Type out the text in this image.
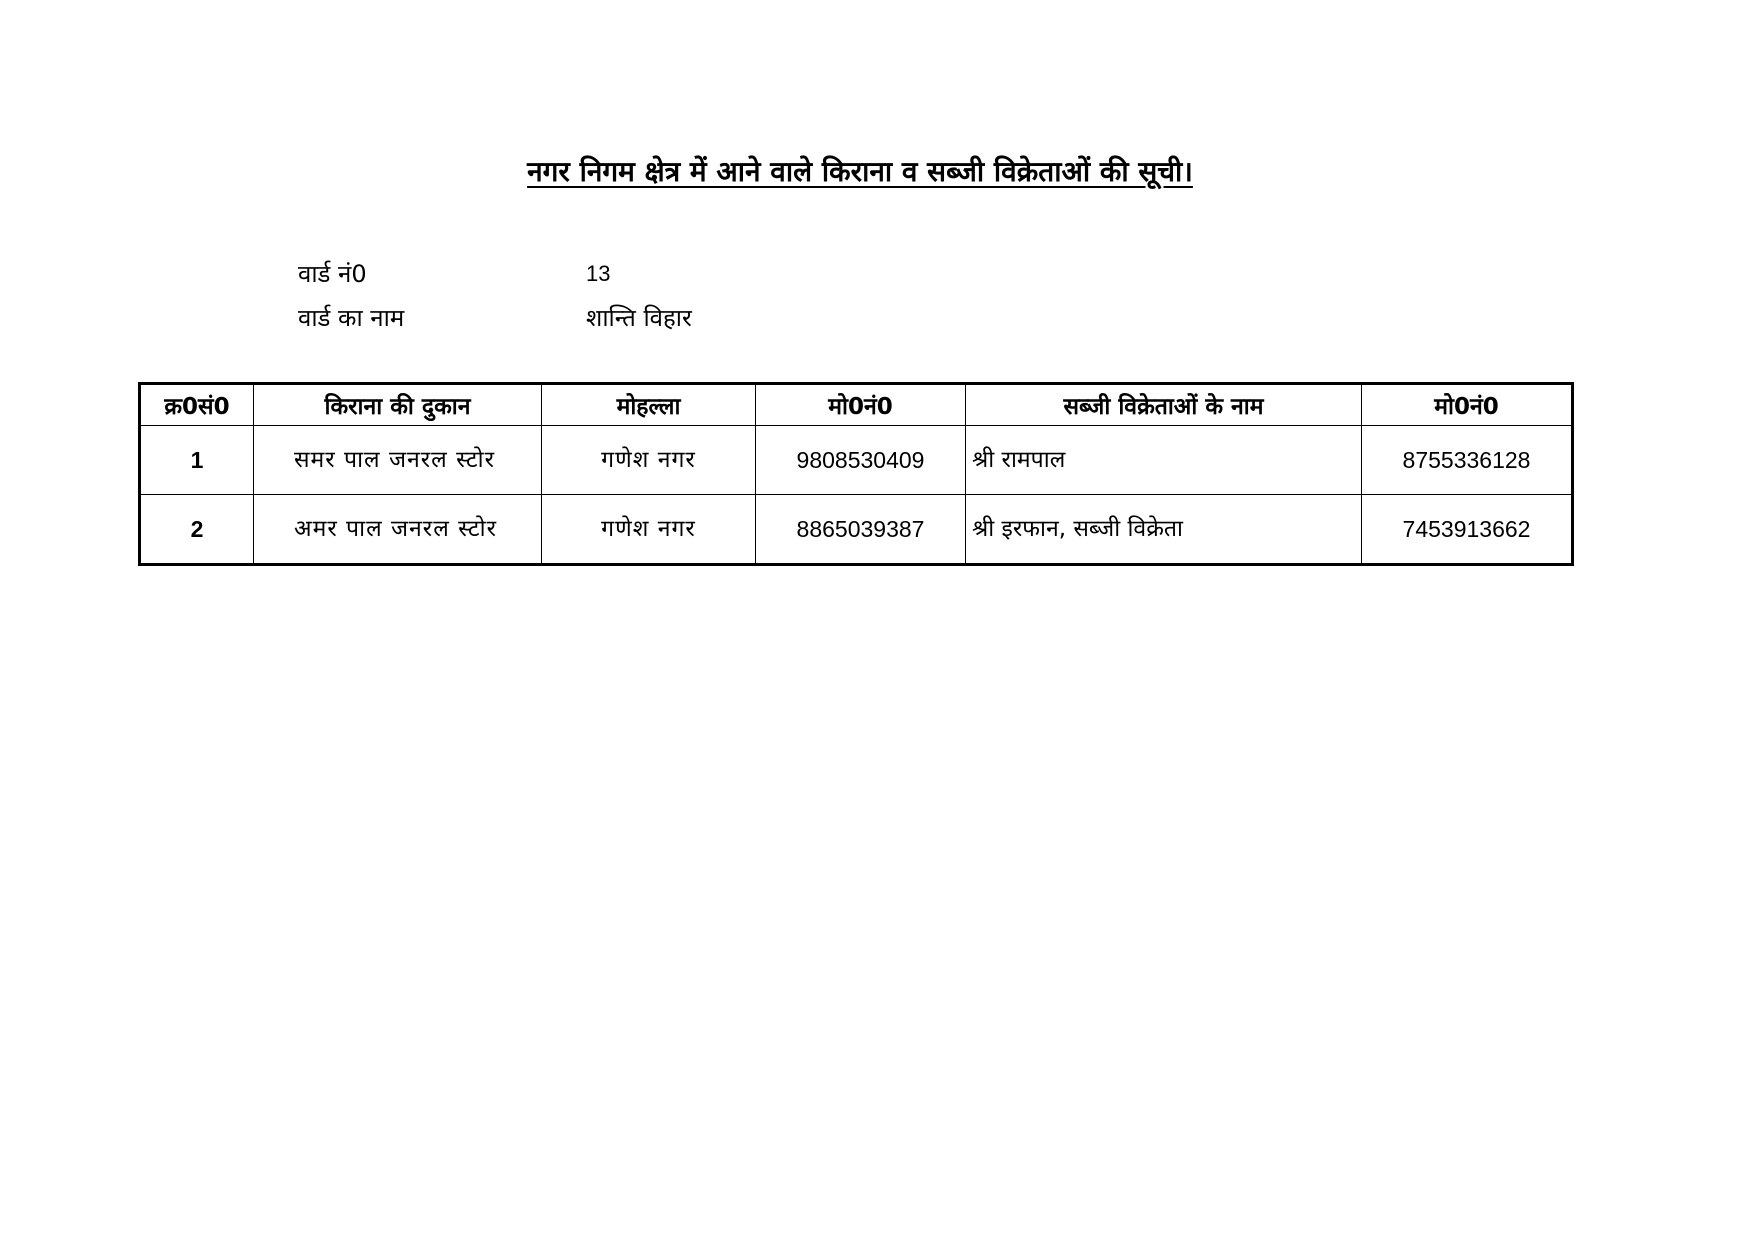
नगर निगम क्षेत्र में आने वाले किराना व सब्जी विक्रेताओं की सूची।
वार्ड नं0	13
वार्ड का नाम	शान्ति विहार
क्र0सं0	किराना की दुकान	मोहल्ला	मो0नं0	सब्जी विक्रेताओं के नाम	मो0नं0
1	समर पाल जनरल स्टोर	गणेश नगर	9808530409	श्री रामपाल	8755336128
2	अमर पाल जनरल स्टोर	गणेश नगर	8865039387	श्री इरफान, सब्जी विक्रेता	7453913662
